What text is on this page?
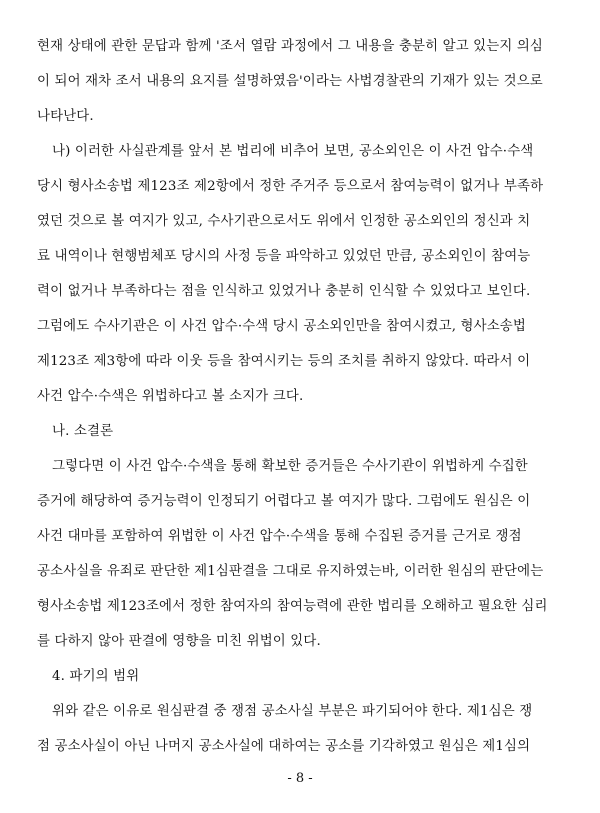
현재 상태에 관한 문답과 함께 '조서 열람 과정에서 그 내용을 충분히 알고 있는지 의심
이 되어 재차 조서 내용의 요지를 설명하였음'이라는 사법경찰관의 기재가 있는 것으로
나타난다.
나) 이러한 사실관계를 앞서 본 법리에 비추어 보면, 공소외인은 이 사건 압수·수색
당시 형사소송법 제123조 제2항에서 정한 주거주 등으로서 참여능력이 없거나 부족하
였던 것으로 볼 여지가 있고, 수사기관으로서도 위에서 인정한 공소외인의 정신과 치
료 내역이나 현행범체포 당시의 사정 등을 파악하고 있었던 만큼, 공소외인이 참여능
력이 없거나 부족하다는 점을 인식하고 있었거나 충분히 인식할 수 있었다고 보인다.
그럼에도 수사기관은 이 사건 압수·수색 당시 공소외인만을 참여시켰고, 형사소송법
제123조 제3항에 따라 이웃 등을 참여시키는 등의 조치를 취하지 않았다. 따라서 이
사건 압수·수색은 위법하다고 볼 소지가 크다.
나. 소결론
그렇다면 이 사건 압수·수색을 통해 확보한 증거들은 수사기관이 위법하게 수집한
증거에 해당하여 증거능력이 인정되기 어렵다고 볼 여지가 많다. 그럼에도 원심은 이
사건 대마를 포함하여 위법한 이 사건 압수·수색을 통해 수집된 증거를 근거로 쟁점
공소사실을 유죄로 판단한 제1심판결을 그대로 유지하였는바, 이러한 원심의 판단에는
형사소송법 제123조에서 정한 참여자의 참여능력에 관한 법리를 오해하고 필요한 심리
를 다하지 않아 판결에 영향을 미친 위법이 있다.
4. 파기의 범위
위와 같은 이유로 원심판결 중 쟁점 공소사실 부분은 파기되어야 한다. 제1심은 쟁
점 공소사실이 아닌 나머지 공소사실에 대하여는 공소를 기각하였고 원심은 제1심의
- 8 -
